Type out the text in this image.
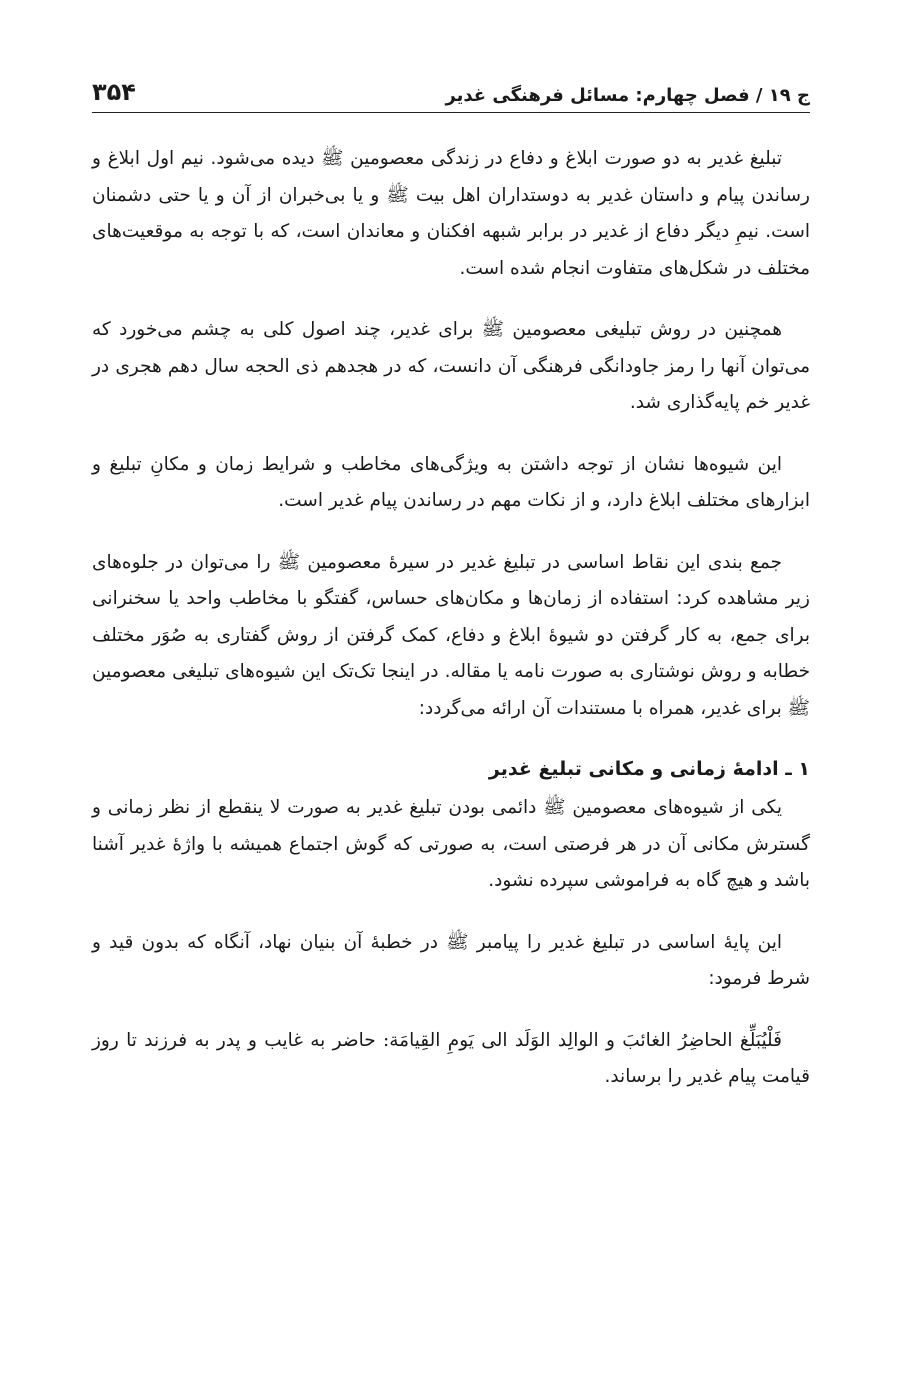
ج ۱۹ / فصل چهارم: مسائل فرهنگی غدیر
۳۵۴

تبلیغ غدیر به دو صورت ابلاغ و دفاع در زندگی معصومین ﷺ دیده می‌شود. نیم اول ابلاغ و رساندن پیام و داستان غدیر به دوستداران اهل بیت ﷺ و یا بی‌خبران از آن و یا حتی دشمنان است. نیمِ دیگر دفاع از غدیر در برابر شبهه افکنان و معاندان است، که با توجه به موقعیت‌های مختلف در شکل‌های متفاوت انجام شده است.

همچنین در روش تبلیغی معصومین ﷺ برای غدیر، چند اصول کلی به چشم می‌خورد که می‌توان آنها را رمز جاودانگی فرهنگی آن دانست، که در هجدهم ذی الحجه سال دهم هجری در غدیر خم پایه‌گذاری شد.

این شیوه‌ها نشان از توجه داشتن به ویژگی‌های مخاطب و شرایط زمان و مکانِ تبلیغ و ابزارهای مختلف ابلاغ دارد، و از نکات مهم در رساندن پیام غدیر است.

جمع بندی این نقاط اساسی در تبلیغ غدیر در سیرهٔ معصومین ﷺ را می‌توان در جلوه‌های زیر مشاهده کرد: استفاده از زمان‌ها و مکان‌های حساس، گفتگو با مخاطب واحد یا سخنرانی برای جمع، به کار گرفتن دو شیوهٔ ابلاغ و دفاع، کمک گرفتن از روش گفتاری به صُوَر مختلف خطابه و روش نوشتاری به صورت نامه یا مقاله. در اینجا تک‌تک این شیوه‌های تبلیغی معصومین ﷺ برای غدیر، همراه با مستندات آن ارائه می‌گردد:

۱ ـ ادامهٔ زمانی و مکانی تبلیغ غدیر

یکی از شیوه‌های معصومین ﷺ دائمی بودن تبلیغ غدیر به صورت لا ینقطع از نظر زمانی و گسترش مکانی آن در هر فرصتی است، به صورتی که گوش اجتماع همیشه با واژهٔ غدیر آشنا باشد و هیچ گاه به فراموشی سپرده نشود.

این پایهٔ اساسی در تبلیغ غدیر را پیامبر ﷺ در خطبهٔ آن بنیان نهاد، آنگاه که بدون قید و شرط فرمود:

فَلْیُبَلِّغ الحاضِرُ الغائبَ و الوالِد الوَلَد الی یَومِ القِیامَة: حاضر به غایب و پدر به فرزند تا روز قیامت پیام غدیر را برساند.
